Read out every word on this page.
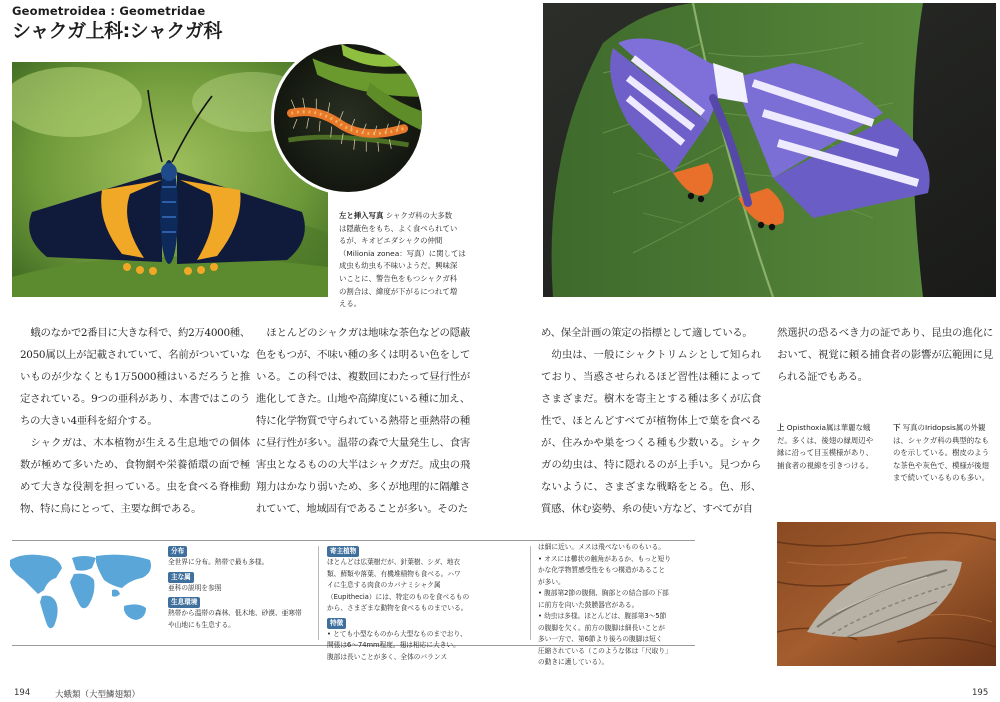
Geometroidea : Geometridae
シャクガ上科:シャクガ科
左と挿入写真 シャクガ科の大多数
は隠蔽色をもち、よく食べられてい
るが、キオビエダシャクの仲間
（Milionia zonea：写真）に関しては
成虫も幼虫も不味いようだ。興味深
いことに、警告色をもつシャクガ科
の割合は、緯度が下がるにつれて増
える。

蛾のなかで2番目に大きな科で、約2万4000種、2050属以上が記載されていて、名前がついていないものが少なくとも1万5000種はいるだろうと推定されている。9つの亜科があり、本書ではこのうちの大きい4亜科を紹介する。

シャクガは、木本植物が生える生息地での個体数が極めて多いため、食物網や栄養循環の面で極めて大きな役割を担っている。虫を食べる脊椎動物、特に鳥にとって、主要な餌である。

ほとんどのシャクガは地味な茶色などの隠蔽色をもつが、不味い種の多くは明るい色をしている。この科では、複数回にわたって昼行性が進化してきた。山地や高緯度にいる種に加え、特に化学物質で守られている熱帯と亜熱帯の種に昼行性が多い。温帯の森で大量発生し、食害害虫となるものの大半はシャクガだ。成虫の飛翔力はかなり弱いため、多くが地理的に隔離されていて、地域固有であることが多い。そのた

め、保全計画の策定の指標として適している。

幼虫は、一般にシャクトリムシとして知られており、当惑させられるほど習性は種によってさまざまだ。樹木を寄主とする種は多くが広食性で、ほとんどすべてが植物体上で葉を食べるが、住みかや巣をつくる種も少数いる。シャクガの幼虫は、特に隠れるのが上手い。見つからないように、さまざまな戦略をとる。色、形、質感、休む姿勢、糸の使い方など、すべてが自

然選択の恐るべき力の証であり、昆虫の進化において、視覚に頼る捕食者の影響が広範囲に見られる証でもある。

上 Opisthoxia属は華麗な蛾
だ。多くは、後翅の縁周辺や
縁に沿って目玉模様があり、
捕食者の視線を引きつける。
下 写真のIridopsis属の外観
は、シャクガ科の典型的なも
のを示している。樹皮のよう
な茶色や灰色で、模様が後翅
まで続いているものも多い。
分布
全世界に分布。熱帯で最も多様。
主な属
亜科の説明を参照
生息環境
熱帯から温帯の森林、低木地、砂漠、亜寒帯
や山地にも生息する。
寄主植物
ほとんどは広葉樹だが、針葉樹、シダ、地衣
類、蘚類や落葉、有機堆積物も食べる。ハワ
イに生息する肉食のカバナミシャク属
（Eupithecia）には、特定のものを食べるもの
から、さまざまな動物を食べるものまでいる。
特徴
• とても小型なものから大型なものまでおり、
開張は6～74mm程度。翅は相応に大きい。
腹部は長いことが多く、全体のバランス
は細に近い。メスは飛べないものもいる。
• オスには櫛状の触角があるか、もっと短り
かな化学物質感受性をもつ構造があること
が多い。
• 腹部第2節の腹側、胸部との結合部の下部
に前方を向いた鼓膜器官がある。
• 幼虫は多様。ほとんどは、腹部第3～5節
の腹脚を欠く。前方の腹脚は細長いことが
多い一方で、第6節より後ろの腹脚は短く
圧縮されている（このような体は「尺取り」
の動きに適している）。
194	大蛾類（大型鱗翅類）	195
